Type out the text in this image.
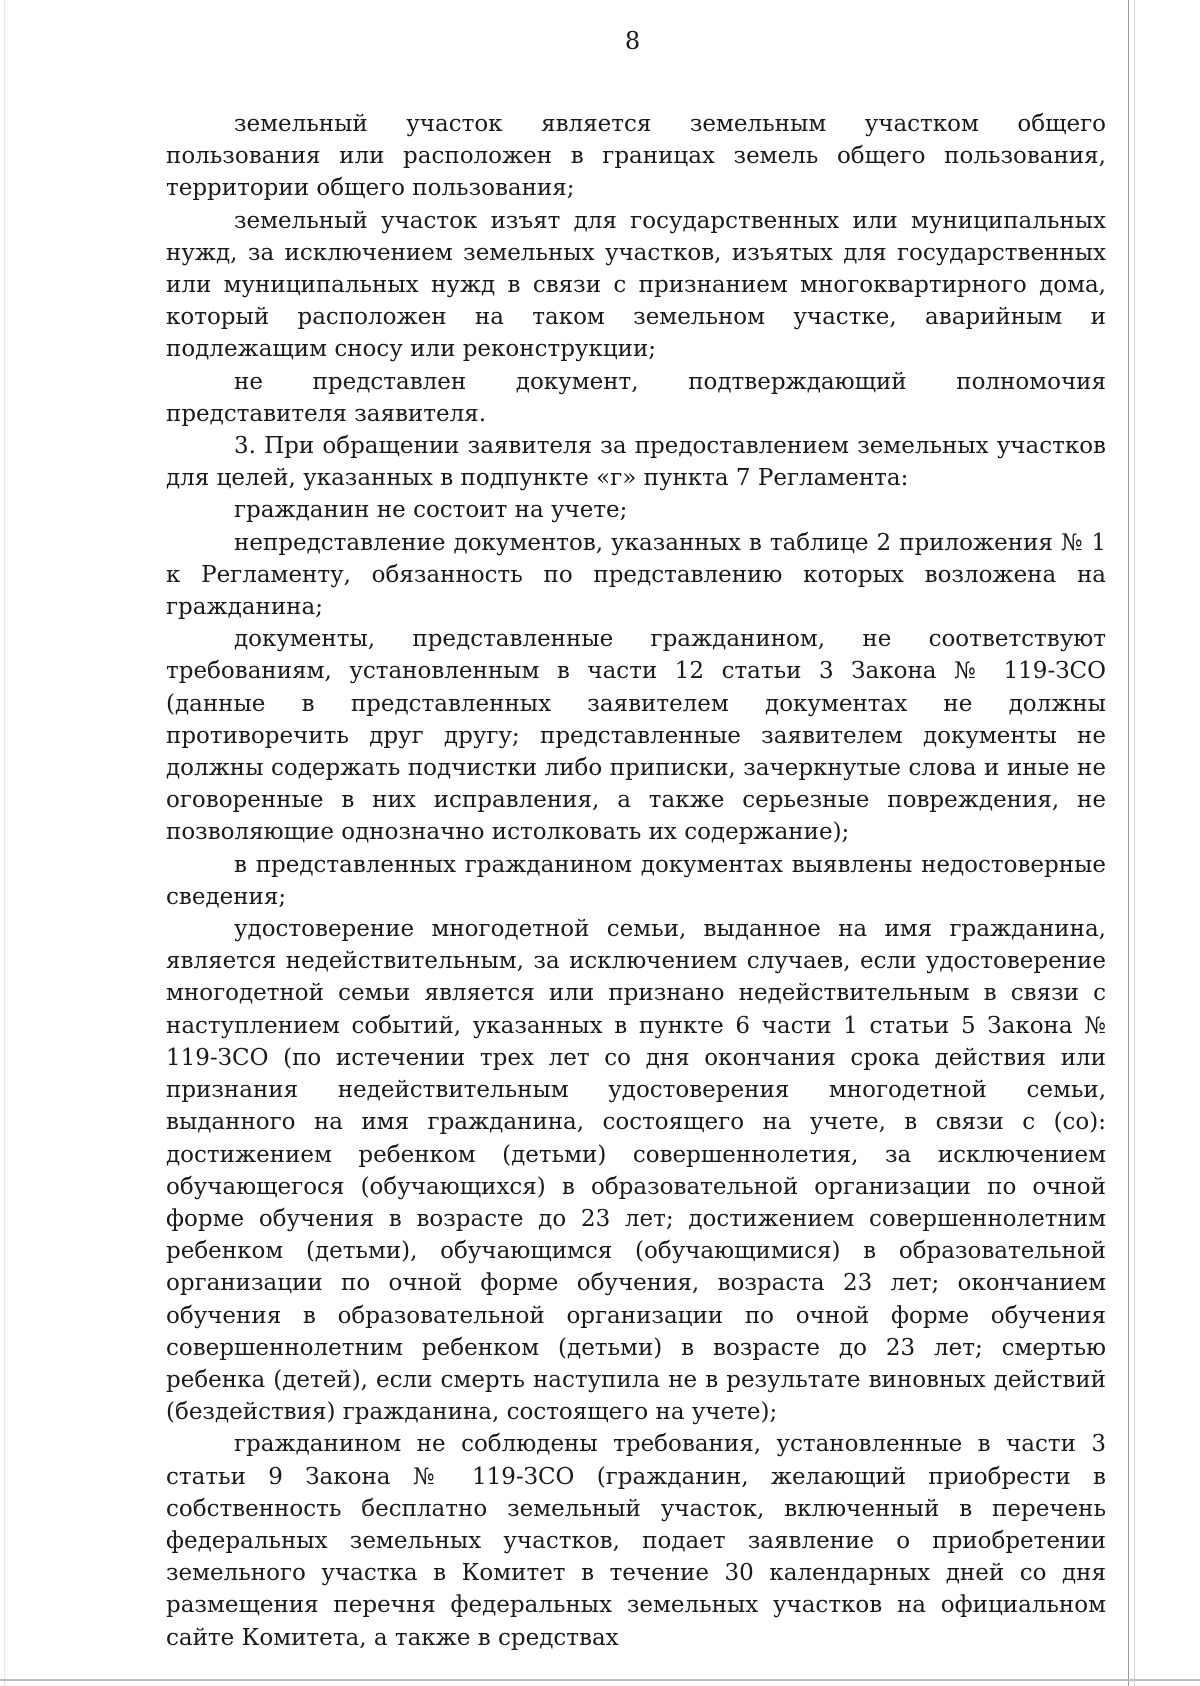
8

земельный участок является земельным участком общего пользования или расположен в границах земель общего пользования, территории общего пользования;

земельный участок изъят для государственных или муниципальных нужд, за исключением земельных участков, изъятых для государственных или муниципальных нужд в связи с признанием многоквартирного дома, который расположен на таком земельном участке, аварийным и подлежащим сносу или реконструкции;

не представлен документ, подтверждающий полномочия представителя заявителя.

3. При обращении заявителя за предоставлением земельных участков для целей, указанных в подпункте «г» пункта 7 Регламента:

гражданин не состоит на учете;

непредставление документов, указанных в таблице 2 приложения № 1 к Регламенту, обязанность по представлению которых возложена на гражданина;

документы, представленные гражданином, не соответствуют требованиям, установленным в части 12 статьи 3 Закона № 119-ЗСО (данные в представленных заявителем документах не должны противоречить друг другу; представленные заявителем документы не должны содержать подчистки либо приписки, зачеркнутые слова и иные не оговоренные в них исправления, а также серьезные повреждения, не позволяющие однозначно истолковать их содержание);

в представленных гражданином документах выявлены недостоверные сведения;

удостоверение многодетной семьи, выданное на имя гражданина, является недействительным, за исключением случаев, если удостоверение многодетной семьи является или признано недействительным в связи с наступлением событий, указанных в пункте 6 части 1 статьи 5 Закона № 119-ЗСО (по истечении трех лет со дня окончания срока действия или признания недействительным удостоверения многодетной семьи, выданного на имя гражданина, состоящего на учете, в связи с (со): достижением ребенком (детьми) совершеннолетия, за исключением обучающегося (обучающихся) в образовательной организации по очной форме обучения в возрасте до 23 лет; достижением совершеннолетним ребенком (детьми), обучающимся (обучающимися) в образовательной организации по очной форме обучения, возраста 23 лет; окончанием обучения в образовательной организации по очной форме обучения совершеннолетним ребенком (детьми) в возрасте до 23 лет; смертью ребенка (детей), если смерть наступила не в результате виновных действий (бездействия) гражданина, состоящего на учете);

гражданином не соблюдены требования, установленные в части 3 статьи 9 Закона № 119-ЗСО (гражданин, желающий приобрести в собственность бесплатно земельный участок, включенный в перечень федеральных земельных участков, подает заявление о приобретении земельного участка в Комитет в течение 30 календарных дней со дня размещения перечня федеральных земельных участков на официальном сайте Комитета, а также в средствах
